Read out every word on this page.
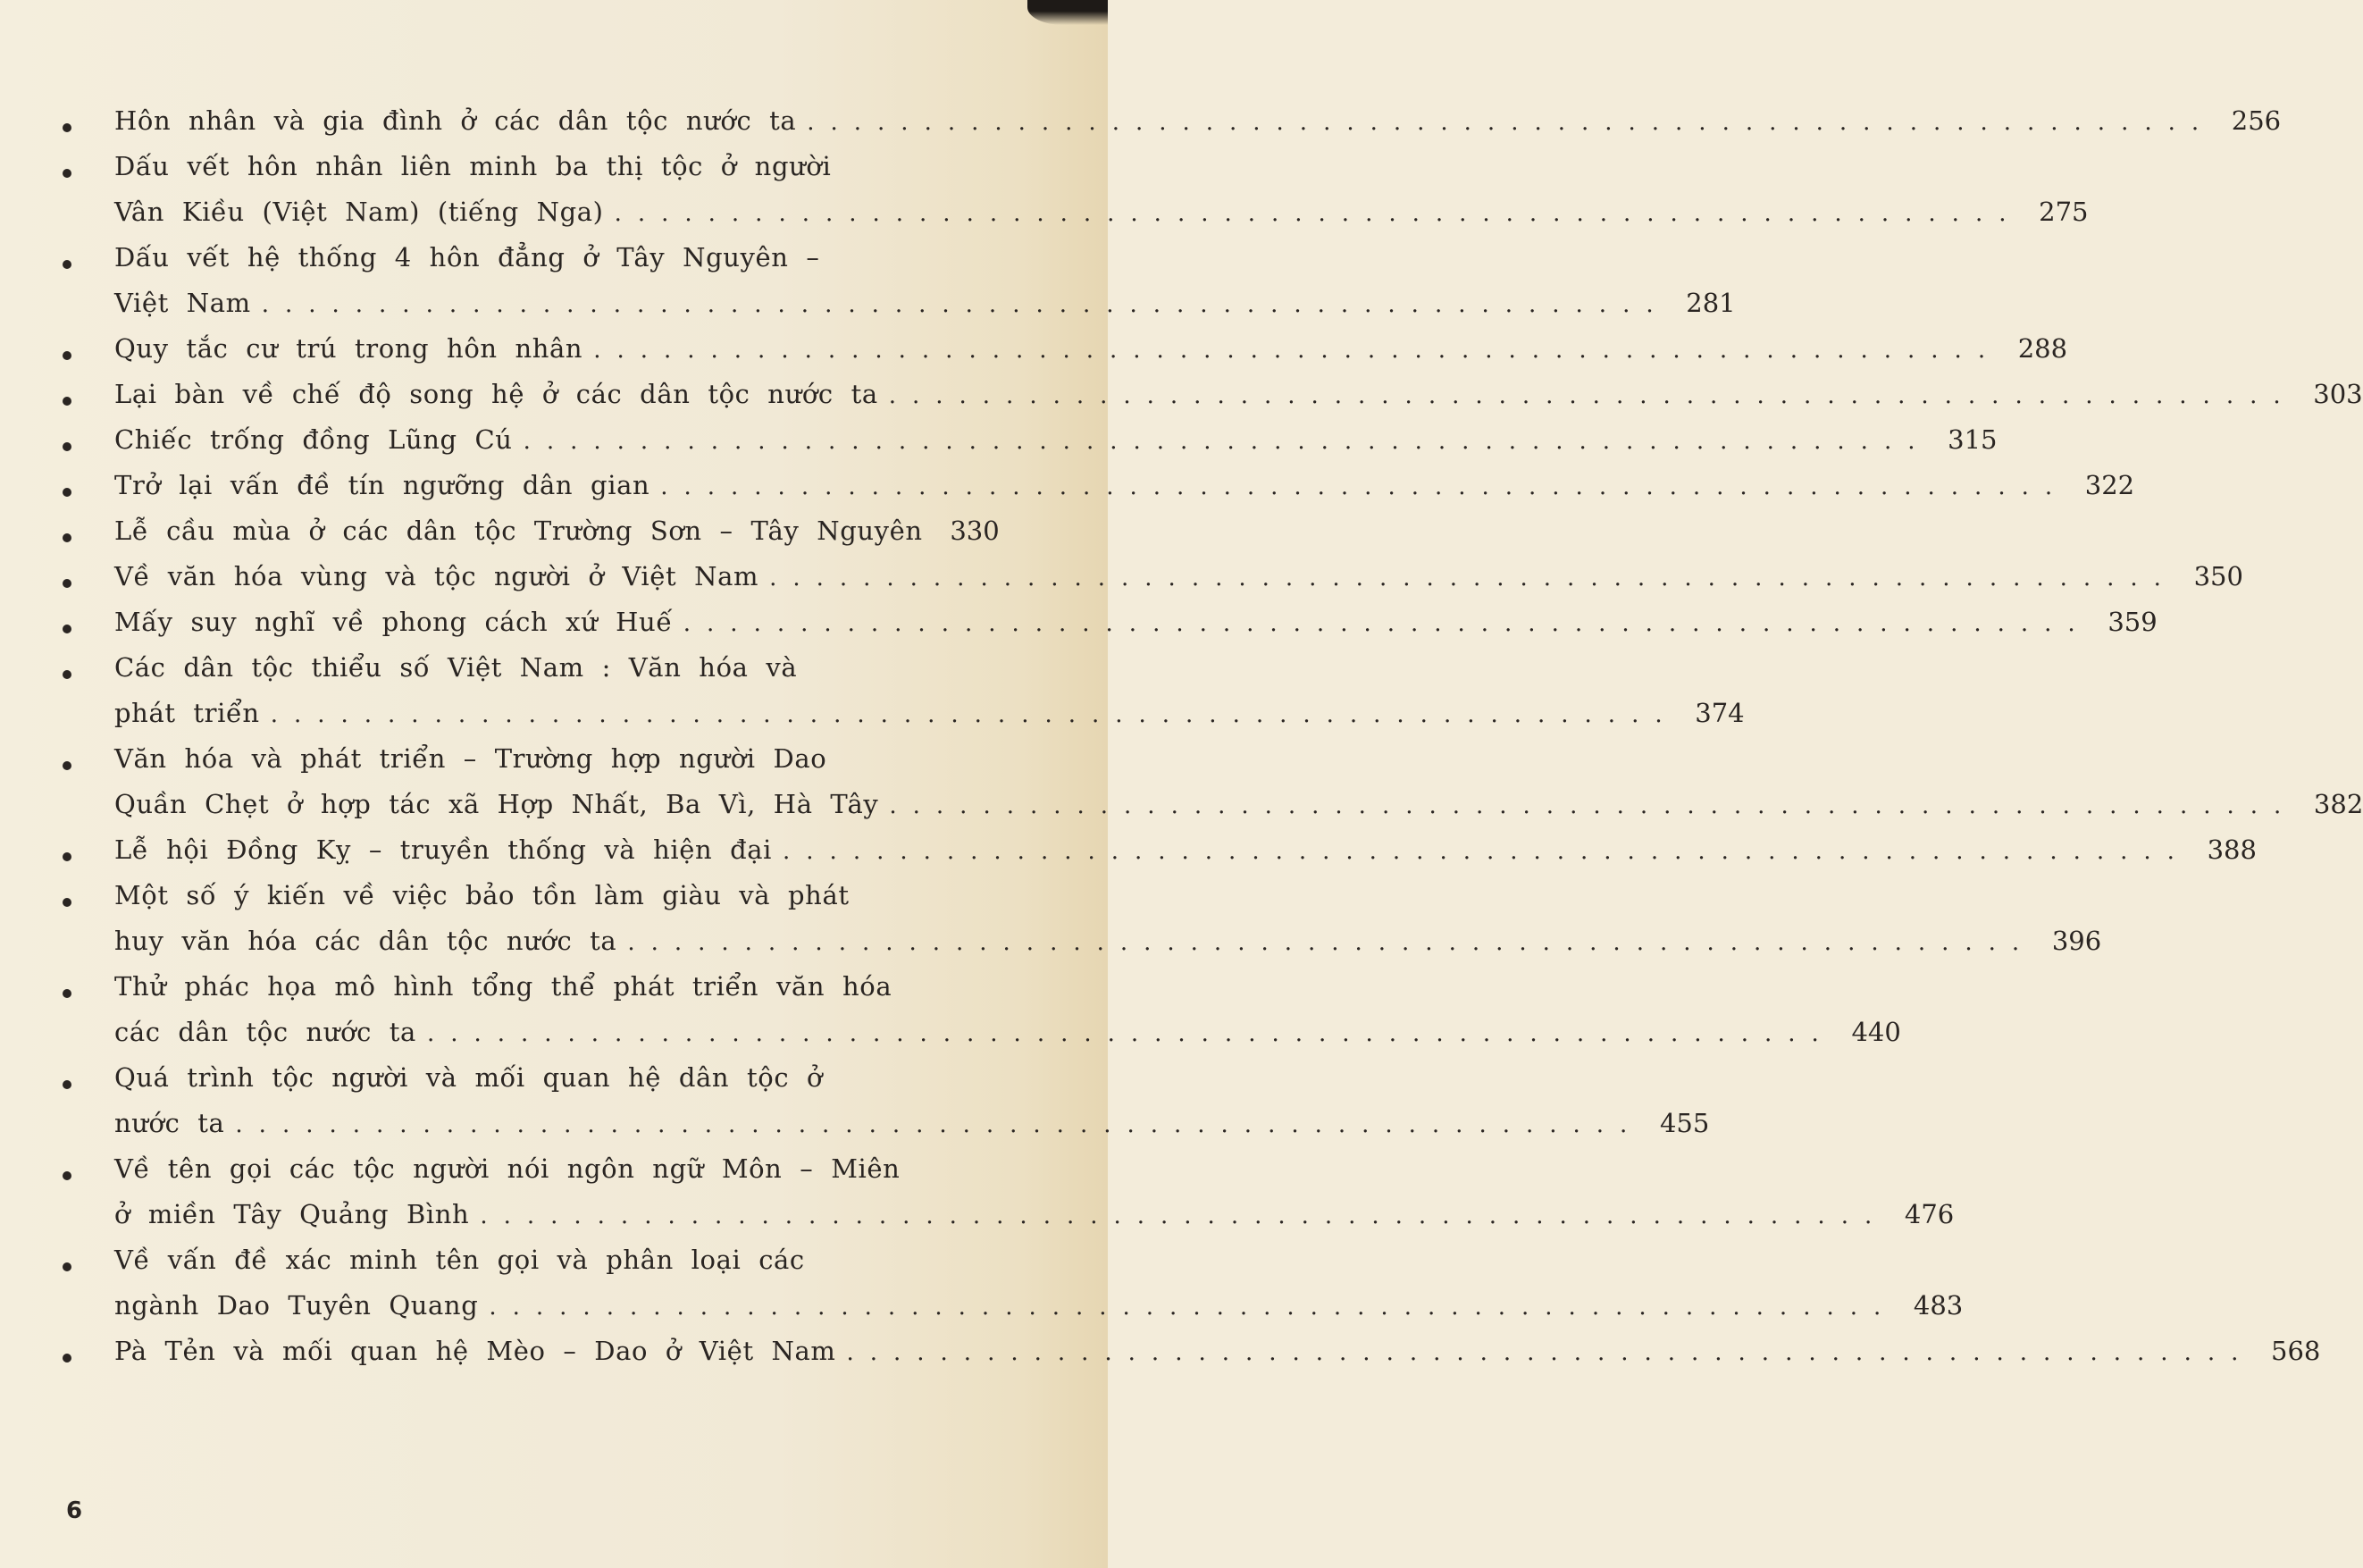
Hôn nhân và gia đình ở các dân tộc nước ta ............................................................ 256
Dấu vết hôn nhân liên minh ba thị tộc ở người
Vân Kiều (Việt Nam) (tiếng Nga) ............................................................ 275
Dấu vết hệ thống 4 hôn đẳng ở Tây Nguyên –
Việt Nam ............................................................ 281
Quy tắc cư trú trong hôn nhân ............................................................ 288
Lại bàn về chế độ song hệ ở các dân tộc nước ta ............................................................ 303
Chiếc trống đồng Lũng Cú ............................................................ 315
Trở lại vấn đề tín ngưỡng dân gian ............................................................ 322
Lễ cầu mùa ở các dân tộc Trường Sơn – Tây Nguyên 330
Về văn hóa vùng và tộc người ở Việt Nam ............................................................ 350
Mấy suy nghĩ về phong cách xứ Huế ............................................................ 359
Các dân tộc thiểu số Việt Nam : Văn hóa và
phát triển ............................................................ 374
Văn hóa và phát triển – Trường hợp người Dao
Quần Chẹt ở hợp tác xã Hợp Nhất, Ba Vì, Hà Tây ............................................................ 382
Lễ hội Đồng Kỵ – truyền thống và hiện đại ............................................................ 388
Một số ý kiến về việc bảo tồn làm giàu và phát
huy văn hóa các dân tộc nước ta ............................................................ 396
Thử phác họa mô hình tổng thể phát triển văn hóa
các dân tộc nước ta ............................................................ 440
Quá trình tộc người và mối quan hệ dân tộc ở
nước ta ............................................................ 455
Về tên gọi các tộc người nói ngôn ngữ Môn – Miên
ở miền Tây Quảng Bình ............................................................ 476
Về vấn đề xác minh tên gọi và phân loại các
ngành Dao Tuyên Quang ............................................................ 483
Pà Tẻn và mối quan hệ Mèo – Dao ở Việt Nam ............................................................ 568
6
